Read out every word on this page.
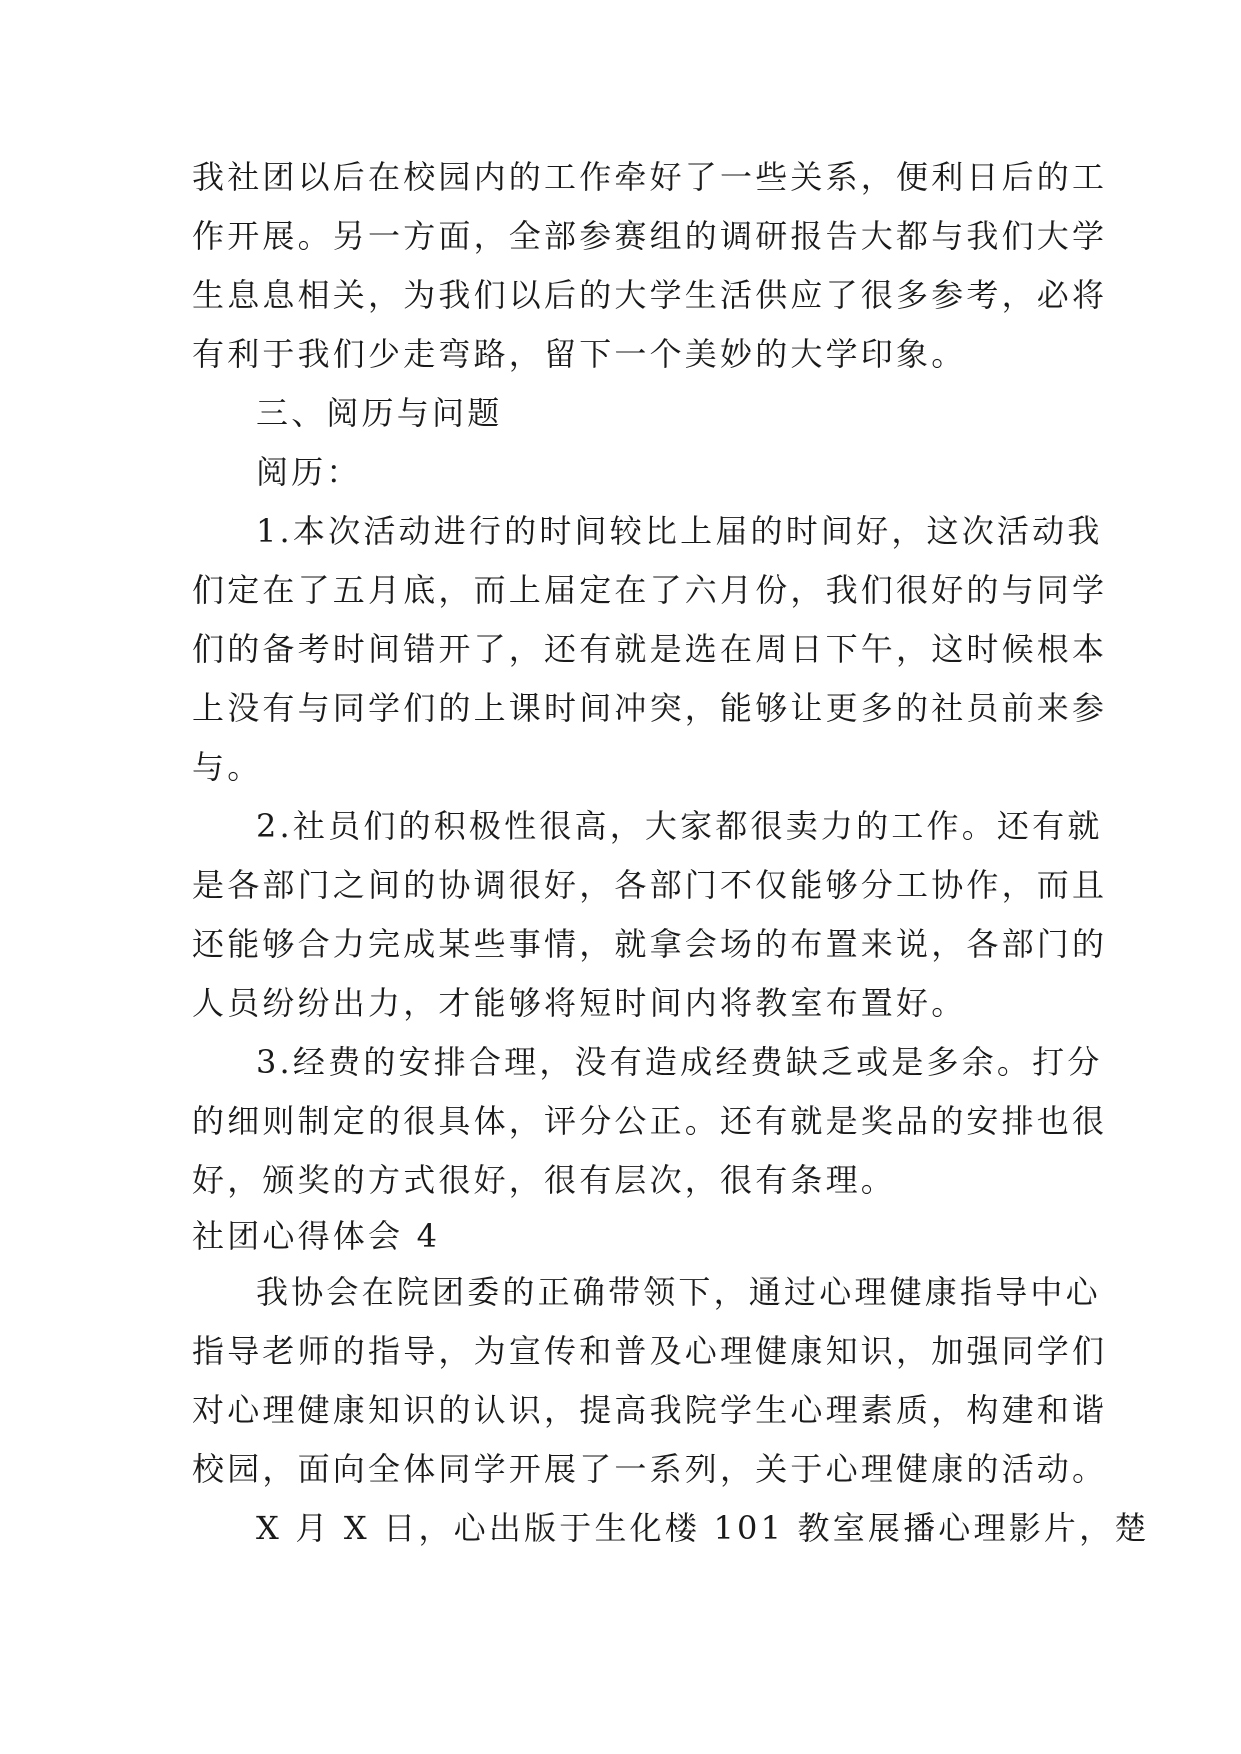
我社团以后在校园内的工作牵好了一些关系，便利日后的工
作开展。另一方面，全部参赛组的调研报告大都与我们大学
生息息相关，为我们以后的大学生活供应了很多参考，必将
有利于我们少走弯路，留下一个美妙的大学印象。
三、阅历与问题
阅历：
1.本次活动进行的时间较比上届的时间好，这次活动我
们定在了五月底，而上届定在了六月份，我们很好的与同学
们的备考时间错开了，还有就是选在周日下午，这时候根本
上没有与同学们的上课时间冲突，能够让更多的社员前来参
与。
2.社员们的积极性很高，大家都很卖力的工作。还有就
是各部门之间的协调很好，各部门不仅能够分工协作，而且
还能够合力完成某些事情，就拿会场的布置来说，各部门的
人员纷纷出力，才能够将短时间内将教室布置好。
3.经费的安排合理，没有造成经费缺乏或是多余。打分
的细则制定的很具体，评分公正。还有就是奖品的安排也很
好，颁奖的方式很好，很有层次，很有条理。
社团心得体会 4
我协会在院团委的正确带领下，通过心理健康指导中心
指导老师的指导，为宣传和普及心理健康知识，加强同学们
对心理健康知识的认识，提高我院学生心理素质，构建和谐
校园，面向全体同学开展了一系列，关于心理健康的活动。
X 月 X 日，心出版于生化楼 101 教室展播心理影片，楚
